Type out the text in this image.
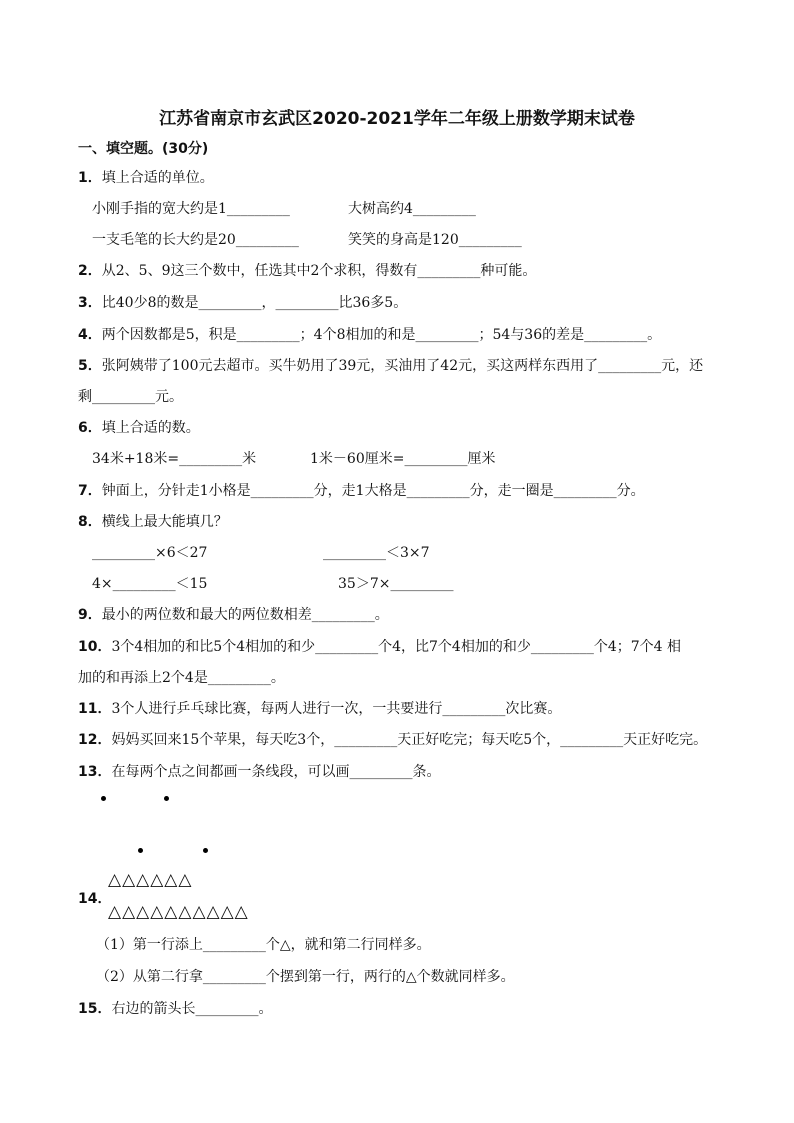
江苏省南京市玄武区2020-2021学年二年级上册数学期末试卷
一、填空题。(30分)
1．填上合适的单位。
小刚手指的宽大约是1_________	大树高约4_________
一支毛笔的长大约是20_________	笑笑的身高是120_________
2．从2、5、9这三个数中，任选其中2个求积，得数有_________种可能。
3．比40少8的数是_________，_________比36多5。
4．两个因数都是5，积是_________；4个8相加的和是_________；54与36的差是_________。
5．张阿姨带了100元去超市。买牛奶用了39元，买油用了42元，买这两样东西用了_________元，还
剩_________元。
6．填上合适的数。
34米+18米=_________米	1米－60厘米=_________厘米
7．钟面上，分针走1小格是_________分，走1大格是_________分，走一圈是_________分。
8．横线上最大能填几？
_________×6＜27	_________＜3×7
4×_________＜15	35＞7×_________
9．最小的两位数和最大的两位数相差_________。
10．3个4相加的和比5个4相加的和少_________个4，比7个4相加的和少_________个4；7个4 相
加的和再添上2个4是_________。
11．3个人进行乒乓球比赛，每两人进行一次，一共要进行_________次比赛。
12．妈妈买回来15个苹果，每天吃3个，_________天正好吃完；每天吃5个，_________天正好吃完。
13．在每两个点之间都画一条线段，可以画_________条。
△△△△△△
14．
△△△△△△△△△△
（1）第一行添上_________个△，就和第二行同样多。
（2）从第二行拿_________个摆到第一行，两行的△个数就同样多。
15．右边的箭头长_________。
